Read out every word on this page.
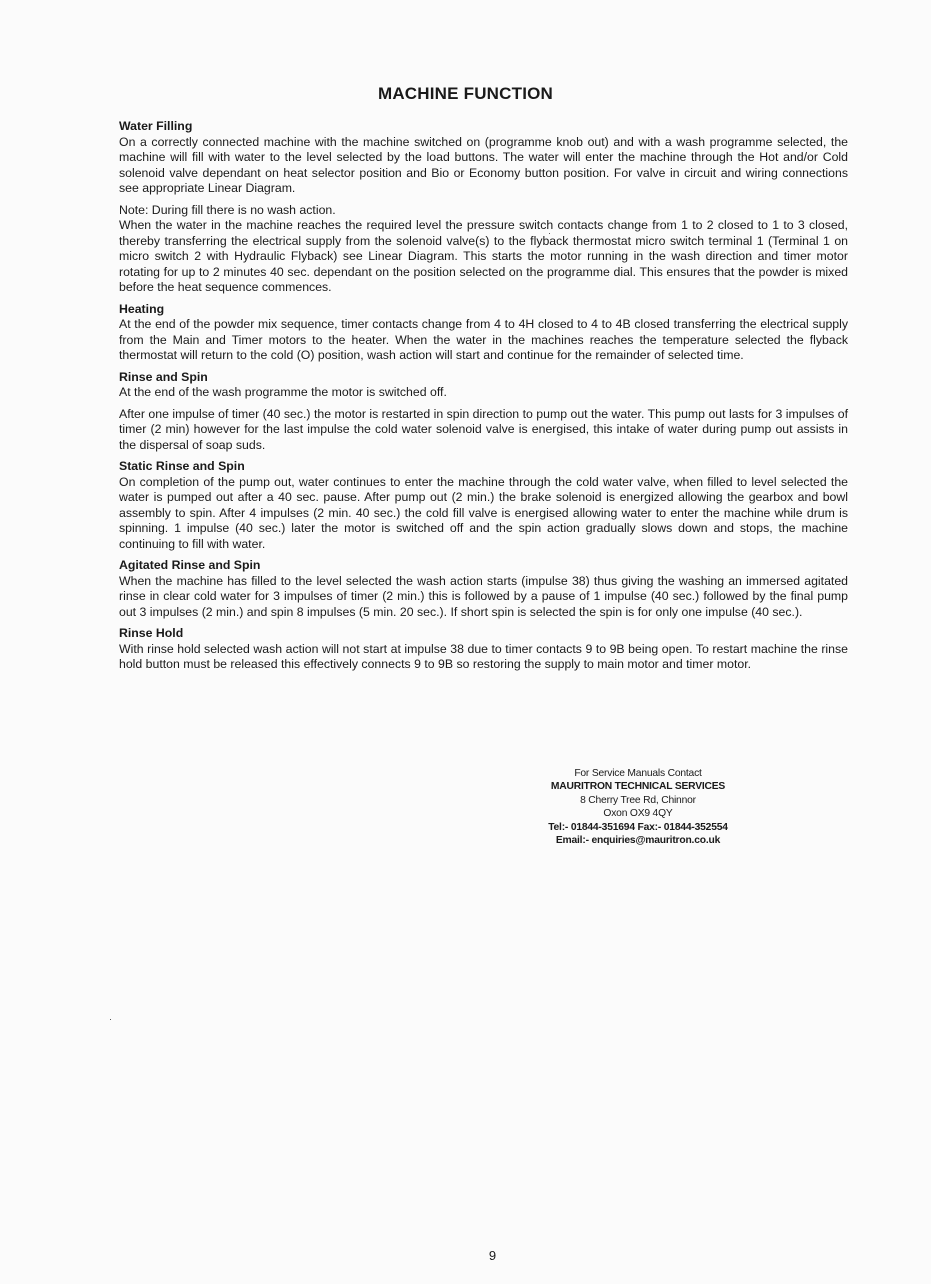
MACHINE FUNCTION

Water Filling

On a correctly connected machine with the machine switched on (programme knob out) and with a wash programme selected, the machine will fill with water to the level selected by the load buttons. The water will enter the machine through the Hot and/or Cold solenoid valve dependant on heat selector position and Bio or Economy button position. For valve in circuit and wiring connections see appropriate Linear Diagram.

Note: During fill there is no wash action.

When the water in the machine reaches the required level the pressure switch contacts change from 1 to 2 closed to 1 to 3 closed, thereby transferring the electrical supply from the solenoid valve(s) to the flyback thermostat micro switch terminal 1 (Terminal 1 on micro switch 2 with Hydraulic Flyback) see Linear Diagram. This starts the motor running in the wash direction and timer motor rotating for up to 2 minutes 40 sec. dependant on the position selected on the programme dial. This ensures that the powder is mixed before the heat sequence commences.

Heating

At the end of the powder mix sequence, timer contacts change from 4 to 4H closed to 4 to 4B closed transferring the electrical supply from the Main and Timer motors to the heater. When the water in the machines reaches the temperature selected the flyback thermostat will return to the cold (O) position, wash action will start and continue for the remainder of selected time.

Rinse and Spin

At the end of the wash programme the motor is switched off.

After one impulse of timer (40 sec.) the motor is restarted in spin direction to pump out the water. This pump out lasts for 3 impulses of timer (2 min) however for the last impulse the cold water solenoid valve is energised, this intake of water during pump out assists in the dispersal of soap suds.

Static Rinse and Spin

On completion of the pump out, water continues to enter the machine through the cold water valve, when filled to level selected the water is pumped out after a 40 sec. pause. After pump out (2 min.) the brake solenoid is energized allowing the gearbox and bowl assembly to spin. After 4 impulses (2 min. 40 sec.) the cold fill valve is energised allowing water to enter the machine while drum is spinning. 1 impulse (40 sec.) later the motor is switched off and the spin action gradually slows down and stops, the machine continuing to fill with water.

Agitated Rinse and Spin

When the machine has filled to the level selected the wash action starts (impulse 38) thus giving the washing an immersed agitated rinse in clear cold water for 3 impulses of timer (2 min.) this is followed by a pause of 1 impulse (40 sec.) followed by the final pump out 3 impulses (2 min.) and spin 8 impulses (5 min. 20 sec.). If short spin is selected the spin is for only one impulse (40 sec.).

Rinse Hold

With rinse hold selected wash action will not start at impulse 38 due to timer contacts 9 to 9B being open. To restart machine the rinse hold button must be released this effectively connects 9 to 9B so restoring the supply to main motor and timer motor.

For Service Manuals Contact
MAURITRON TECHNICAL SERVICES
8 Cherry Tree Rd, Chinnor
Oxon OX9 4QY
Tel:- 01844-351694 Fax:- 01844-352554
Email:- enquiries@mauritron.co.uk
9
